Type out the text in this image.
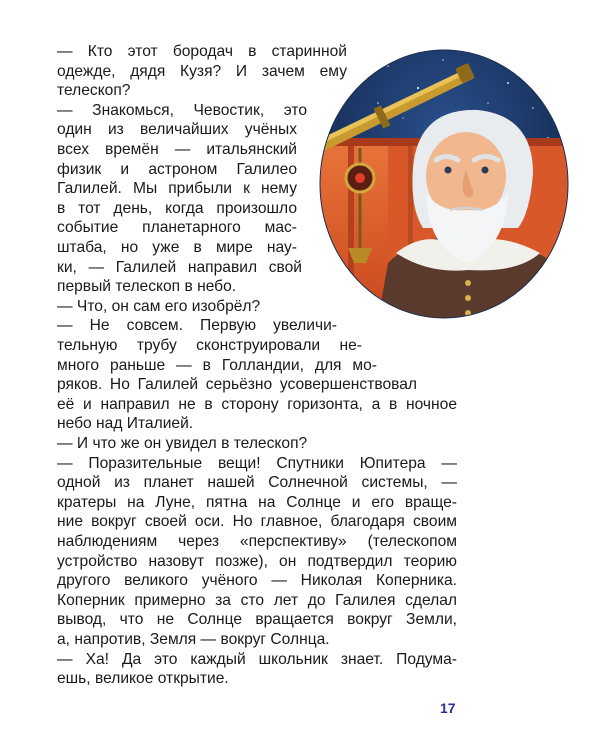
— Кто этот бородач в старинной
одежде, дядя Кузя? И зачем ему
телескоп?
— Знакомься, Чевостик, это
один из величайших учёных
всех времён — итальянский
физик и астроном Галилео
Галилей. Мы прибыли к нему
в тот день, когда произошло
событие планетарного мас-
штаба, но уже в мире нау-
ки, — Галилей направил свой
первый телескоп в небо.
— Что, он сам его изобрёл?
— Не совсем. Первую увеличи-
тельную трубу сконструировали не-
много раньше — в Голландии, для мо-
ряков. Но Галилей серьёзно усовершенствовал
её и направил не в сторону горизонта, а в ночное
небо над Италией.
— И что же он увидел в телескоп?
— Поразительные вещи! Спутники Юпитера —
одной из планет нашей Солнечной системы, —
кратеры на Луне, пятна на Солнце и его враще-
ние вокруг своей оси. Но главное, благодаря своим
наблюдениям через «перспективу» (телескопом
устройство назовут позже), он подтвердил теорию
другого великого учёного — Николая Коперника.
Коперник примерно за сто лет до Галилея сделал
вывод, что не Солнце вращается вокруг Земли,
а, напротив, Земля — вокруг Солнца.
— Ха! Да это каждый школьник знает. Подума-
17
ешь, великое открытие.
